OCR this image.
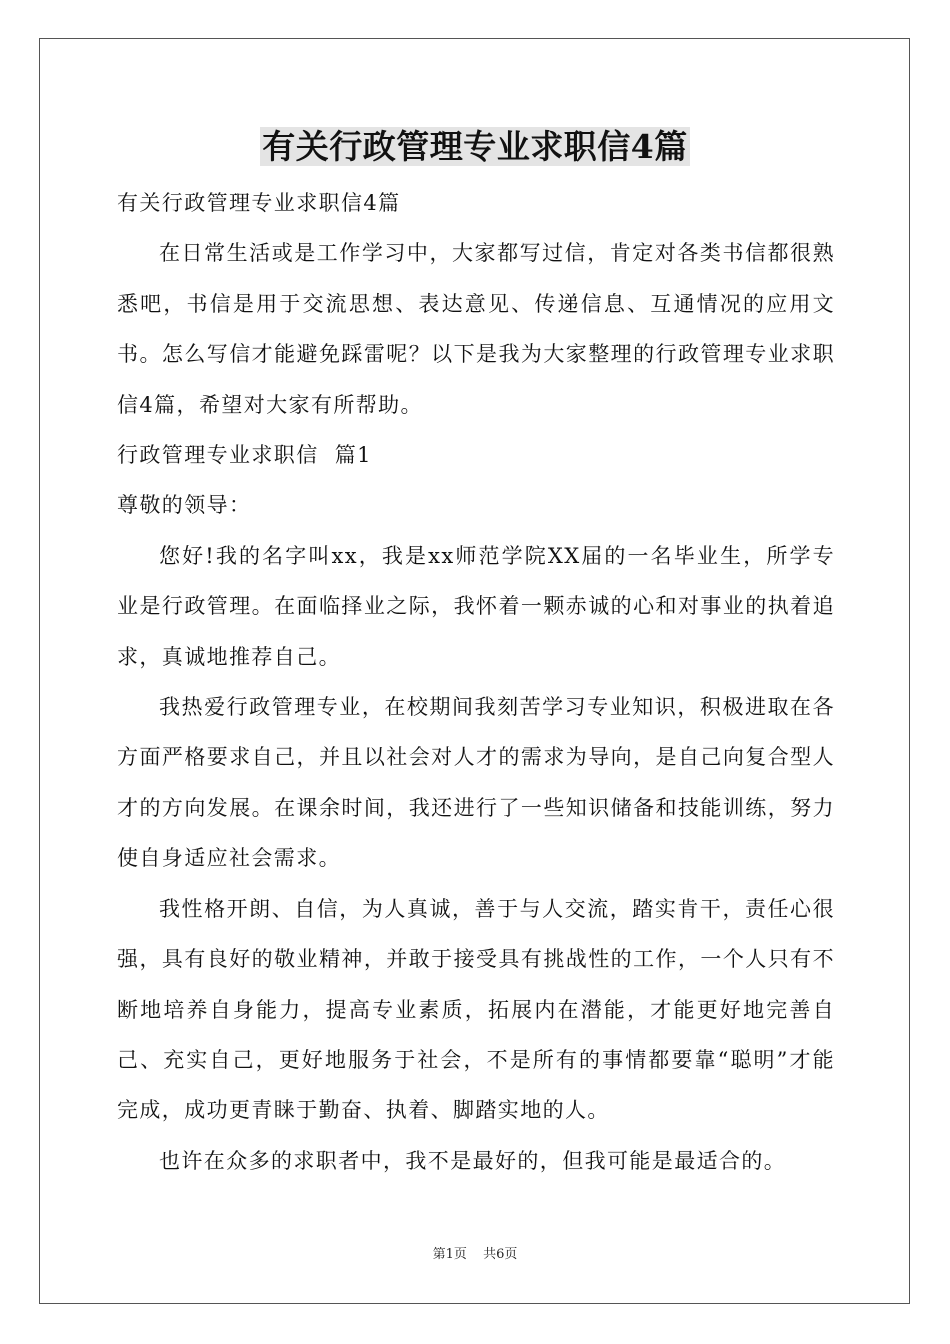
有关行政管理专业求职信4篇

有关行政管理专业求职信4篇

在日常生活或是工作学习中，大家都写过信，肯定对各类书信都很熟悉吧，书信是用于交流思想、表达意见、传递信息、互通情况的应用文书。怎么写信才能避免踩雷呢？以下是我为大家整理的行政管理专业求职信4篇，希望对大家有所帮助。

行政管理专业求职信  篇1

尊敬的领导：

您好!我的名字叫xx，我是xx师范学院XX届的一名毕业生，所学专业是行政管理。在面临择业之际，我怀着一颗赤诚的心和对事业的执着追求，真诚地推荐自己。

我热爱行政管理专业，在校期间我刻苦学习专业知识，积极进取在各方面严格要求自己，并且以社会对人才的需求为导向，是自己向复合型人才的方向发展。在课余时间，我还进行了一些知识储备和技能训练，努力使自身适应社会需求。

我性格开朗、自信，为人真诚，善于与人交流，踏实肯干，责任心很强，具有良好的敬业精神，并敢于接受具有挑战性的工作，一个人只有不断地培养自身能力，提高专业素质，拓展内在潜能，才能更好地完善自己、充实自己，更好地服务于社会，不是所有的事情都要靠“聪明”才能完成，成功更青睐于勤奋、执着、脚踏实地的人。

也许在众多的求职者中，我不是最好的，但我可能是最适合的。

第1页 共6页
